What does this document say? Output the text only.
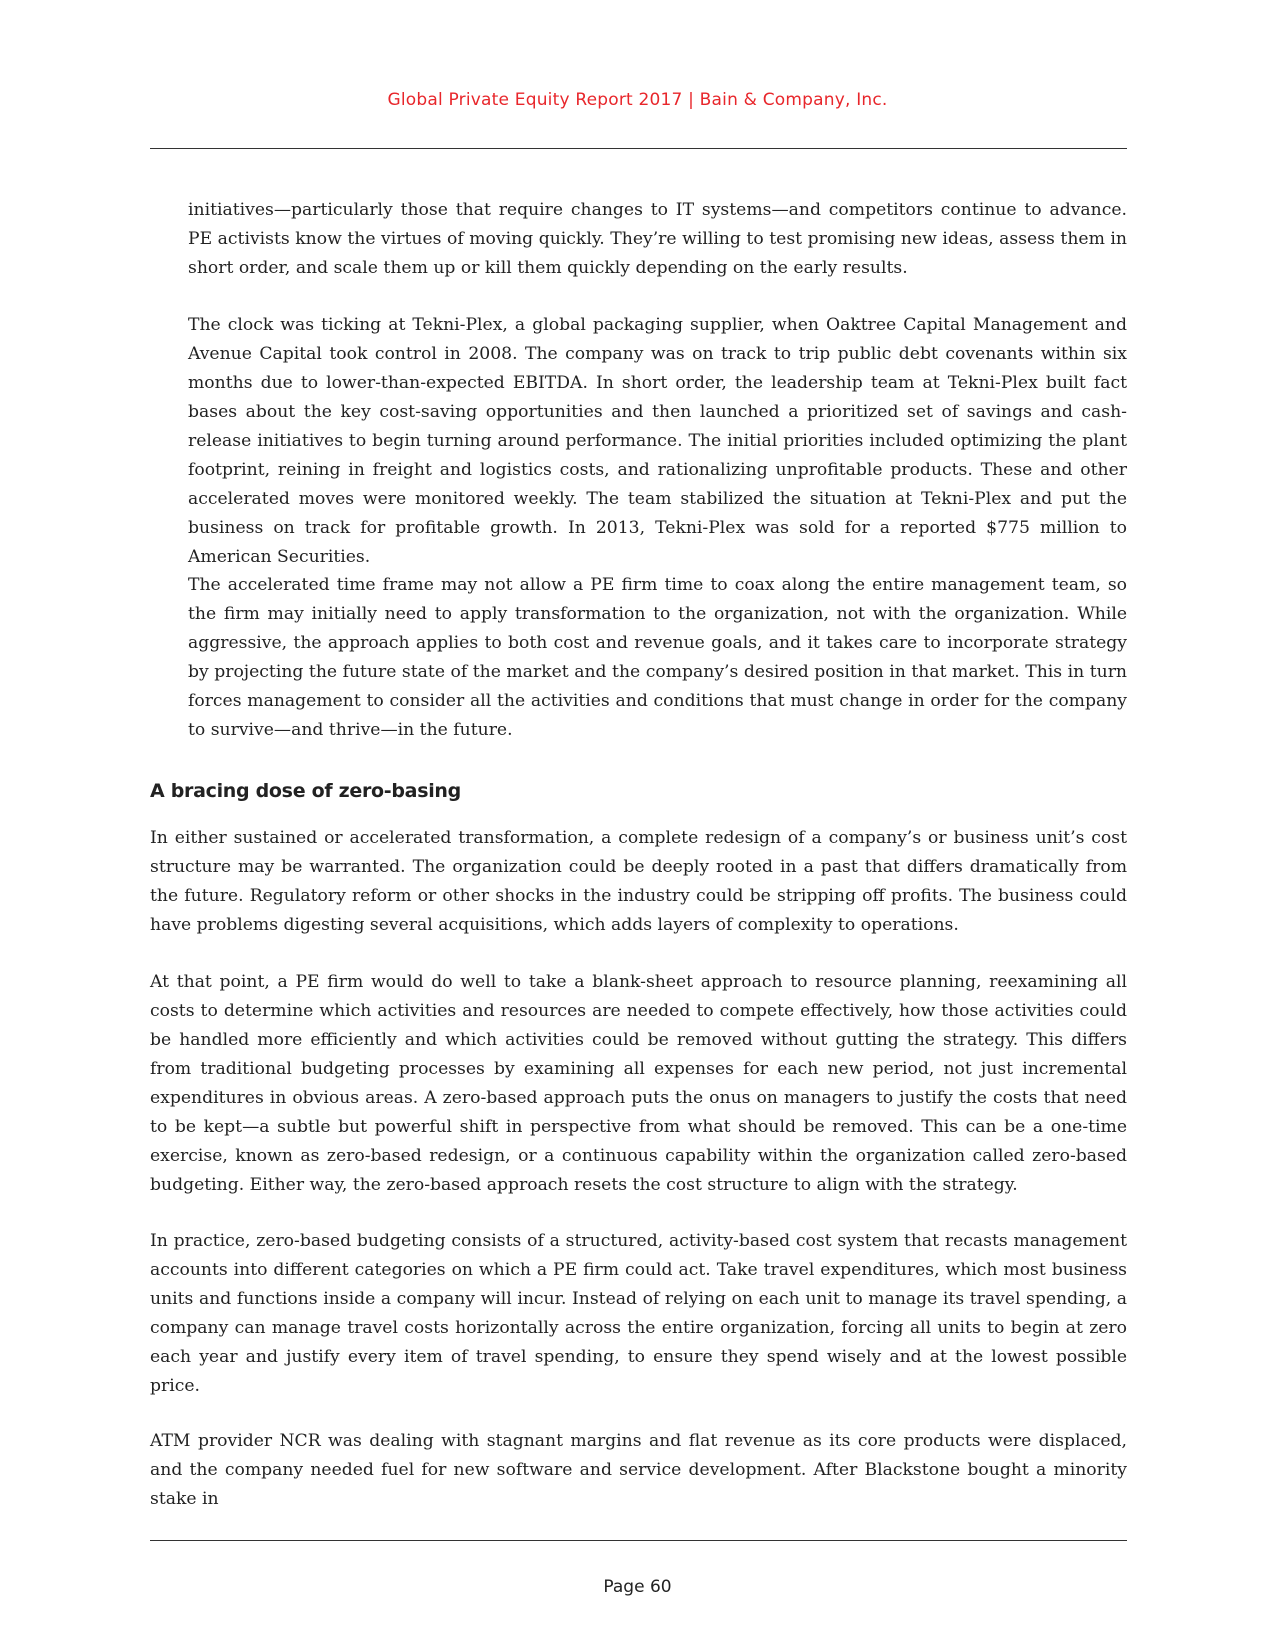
Global Private Equity Report 2017 | Bain & Company, Inc.

initiatives—particularly those that require changes to IT systems—and competitors continue to advance. PE activists know the virtues of moving quickly. They’re willing to test promising new ideas, assess them in short order, and scale them up or kill them quickly depending on the early results.

The clock was ticking at Tekni-Plex, a global packaging supplier, when Oaktree Capital Management and Avenue Capital took control in 2008. The company was on track to trip public debt covenants within six months due to lower-than-expected EBITDA. In short order, the leadership team at Tekni-Plex built fact bases about the key cost-saving opportunities and then launched a prioritized set of savings and cash-release initiatives to begin turning around performance. The initial priorities included optimizing the plant footprint, reining in freight and logistics costs, and rationalizing unprofitable products. These and other accelerated moves were monitored weekly. The team stabilized the situation at Tekni-Plex and put the business on track for profitable growth. In 2013, Tekni-Plex was sold for a reported $775 million to American Securities.

The accelerated time frame may not allow a PE firm time to coax along the entire management team, so the firm may initially need to apply transformation to the organization, not with the organization. While aggressive, the approach applies to both cost and revenue goals, and it takes care to incorporate strategy by projecting the future state of the market and the company’s desired position in that market. This in turn forces management to consider all the activities and conditions that must change in order for the company to survive—and thrive—in the future.

A bracing dose of zero-basing

In either sustained or accelerated transformation, a complete redesign of a company’s or business unit’s cost structure may be warranted. The organization could be deeply rooted in a past that differs dramatically from the future. Regulatory reform or other shocks in the industry could be stripping off profits. The business could have problems digesting several acquisitions, which adds layers of complexity to operations.

At that point, a PE firm would do well to take a blank-sheet approach to resource planning, reexamining all costs to determine which activities and resources are needed to compete effectively, how those activities could be handled more efficiently and which activities could be removed without gutting the strategy. This differs from traditional budgeting processes by examining all expenses for each new period, not just incremental expenditures in obvious areas. A zero-based approach puts the onus on managers to justify the costs that need to be kept—a subtle but powerful shift in perspective from what should be removed. This can be a one-time exercise, known as zero-based redesign, or a continuous capability within the organization called zero-based budgeting. Either way, the zero-based approach resets the cost structure to align with the strategy.

In practice, zero-based budgeting consists of a structured, activity-based cost system that recasts management accounts into different categories on which a PE firm could act. Take travel expenditures, which most business units and functions inside a company will incur. Instead of relying on each unit to manage its travel spending, a company can manage travel costs horizontally across the entire organization, forcing all units to begin at zero each year and justify every item of travel spending, to ensure they spend wisely and at the lowest possible price.

ATM provider NCR was dealing with stagnant margins and flat revenue as its core products were displaced, and the company needed fuel for new software and service development. After Blackstone bought a minority stake in

Page 60
